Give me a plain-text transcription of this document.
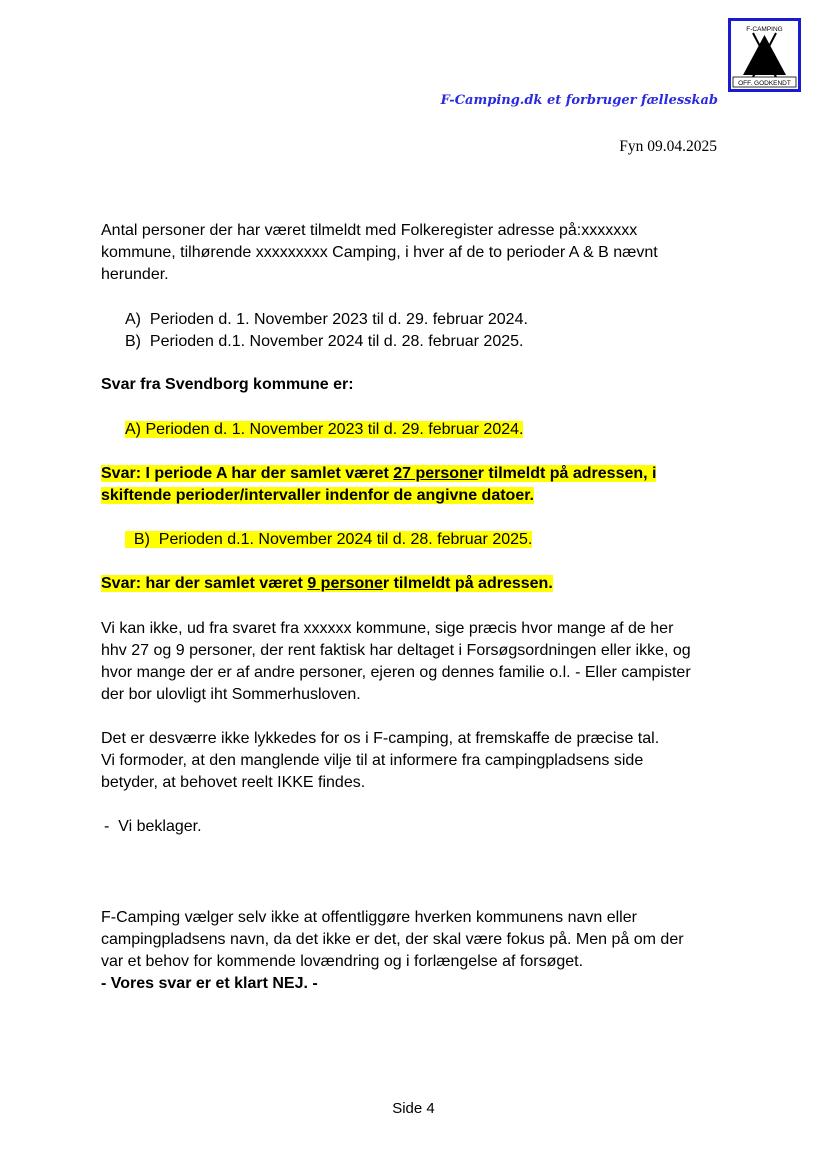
F-CAMPING
OFF. GODKENDT
F-Camping.dk et forbruger fællesskab
Fyn 09.04.2025
Antal personer der har været tilmeldt med Folkeregister adresse på:xxxxxxx
kommune, tilhørende xxxxxxxxx Camping, i hver af de to perioder A & B nævnt
herunder.
A) Perioden d. 1. November 2023 til d. 29. februar 2024.
B) Perioden d.1. November 2024 til d. 28. februar 2025.
Svar fra Svendborg kommune er:
A) Perioden d. 1. November 2023 til d. 29. februar 2024.
Svar: I periode A har der samlet været 27 personer tilmeldt på adressen, i
skiftende perioder/intervaller indenfor de angivne datoer.
B)  Perioden d.1. November 2024 til d. 28. februar 2025.
Svar: har der samlet været 9 personer tilmeldt på adressen.
Vi kan ikke, ud fra svaret fra xxxxxx kommune, sige præcis hvor mange af de her
hhv 27 og 9 personer, der rent faktisk har deltaget i Forsøgsordningen eller ikke, og
hvor mange der er af andre personer, ejeren og dennes familie o.l. - Eller campister
der bor ulovligt iht Sommerhusloven.
Det er desværre ikke lykkedes for os i F-camping, at fremskaffe de præcise tal.
Vi formoder, at den manglende vilje til at informere fra campingpladsens side
betyder, at behovet reelt IKKE findes.
-  Vi beklager.
F-Camping vælger selv ikke at offentliggøre hverken kommunens navn eller
campingpladsens navn, da det ikke er det, der skal være fokus på. Men på om der
var et behov for kommende lovændring og i forlængelse af forsøget.
- Vores svar er et klart NEJ. -
Side 4
